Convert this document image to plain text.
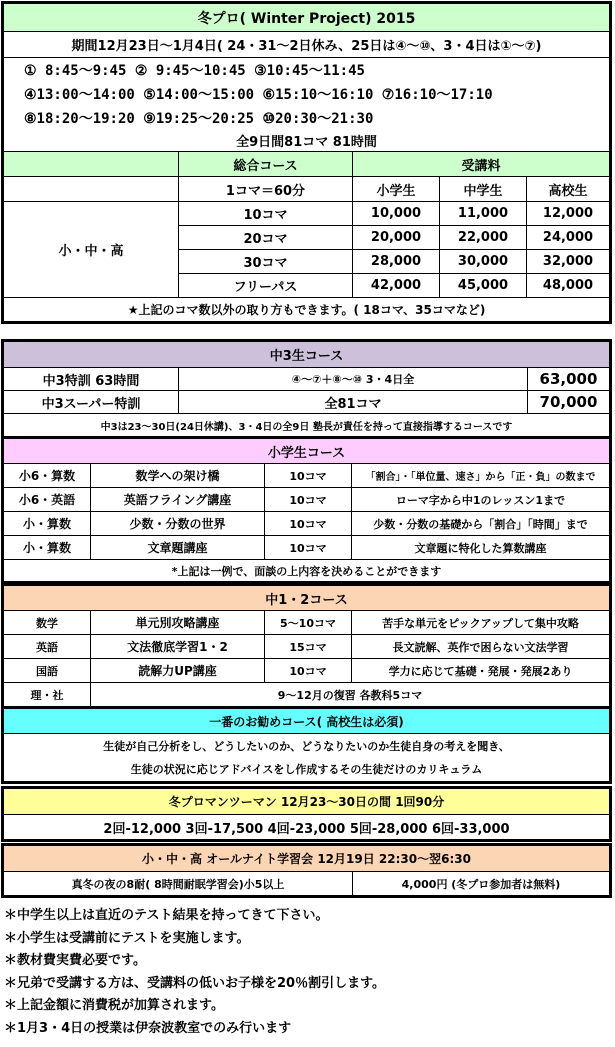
冬プロ( Winter Project) 2015				
期間12月23日～1月4日( 24・31～2日休み、25日は④～⑩、3・4日は①～⑦)				
① 8:45～9:45 ② 9:45～10:45 ③10:45～11:45				
④13:00～14:00 ⑤14:00～15:00 ⑥15:10～16:10 ⑦16:10～17:10				
⑧18:20～19:20 ⑨19:25～20:25 ⑩20:30～21:30				
全9日間81コマ 81時間				
	総合コース	受講料		
	1コマ＝60分	小学生	中学生	高校生
小・中・高	10コマ	10,000	11,000	12,000
	20コマ	20,000	22,000	24,000
	30コマ	28,000	30,000	32,000
	フリーパス	42,000	45,000	48,000
★上記のコマ数以外の取り方もできます。( 18コマ、35コマなど)				
中3生コース		
中3特訓 63時間	④～⑦＋⑧～⑩ 3・4日全	63,000
中3スーパー特訓	全81コマ	70,000
中3は23～30日(24日休講)、3・4日の全9日 塾長が責任を持って直接指導するコースです		
小学生コース			
小6・算数	数学への架け橋	10コマ	「割合」・「単位量、速さ」から「正・負」の数まで
小6・英語	英語フライング講座	10コマ	ローマ字から中1のレッスン1まで
小・算数	少数・分数の世界	10コマ	少数・分数の基礎から「割合」「時間」まで
小・算数	文章題講座	10コマ	文章題に特化した算数講座
*上記は一例で、面談の上内容を決めることができます			
中1・2コース			
数学	単元別攻略講座	5～10コマ	苦手な単元をピックアップして集中攻略
英語	文法徹底学習1・2	15コマ	長文読解、英作で困らない文法学習
国語	読解力UP講座	10コマ	学力に応じて基礎・発展・発展2あり
理・社	9～12月の復習 各教科5コマ		
一番のお勧めコース( 高校生は必須)
生徒が自己分析をし、どうしたいのか、どうなりたいのか生徒自身の考えを聞き、
生徒の状況に応じアドバイスをし作成するその生徒だけのカリキュラム
冬プロマンツーマン 12月23～30日の間 1回90分
2回-12,000 3回-17,500 4回-23,000 5回-28,000 6回-33,000
小・中・高 オールナイト学習会 12月19日 22:30～翌6:30
真冬の夜の8耐( 8時間耐眠学習会)小5以上	4,000円 (冬プロ参加者は無料)
＊中学生以上は直近のテスト結果を持ってきて下さい。
＊小学生は受講前にテストを実施します。
＊教材費実費必要です。
＊兄弟で受講する方は、受講料の低いお子様を20％割引します。
＊上記金額に消費税が加算されます。
＊1月3・4日の授業は伊奈波教室でのみ行います
